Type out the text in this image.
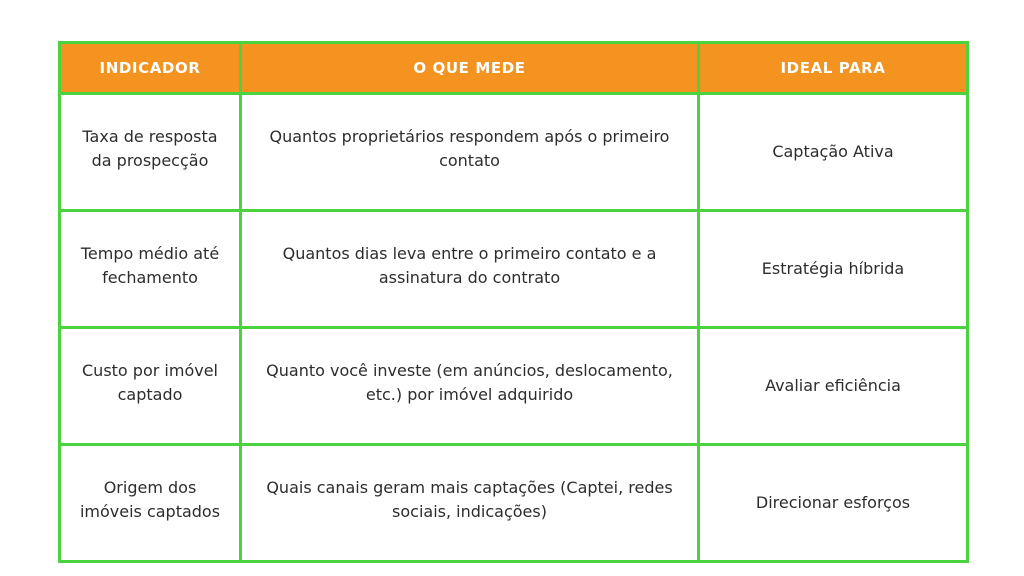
INDICADOR	O QUE MEDE	IDEAL PARA
Taxa de resposta da prospecção	Quantos proprietários respondem após o primeiro contato	Captação Ativa
Tempo médio até fechamento	Quantos dias leva entre o primeiro contato e a assinatura do contrato	Estratégia híbrida
Custo por imóvel captado	Quanto você investe (em anúncios, deslocamento, etc.) por imóvel adquirido	Avaliar eficiência
Origem dos imóveis captados	Quais canais geram mais captações (Captei, redes sociais, indicações)	Direcionar esforços
